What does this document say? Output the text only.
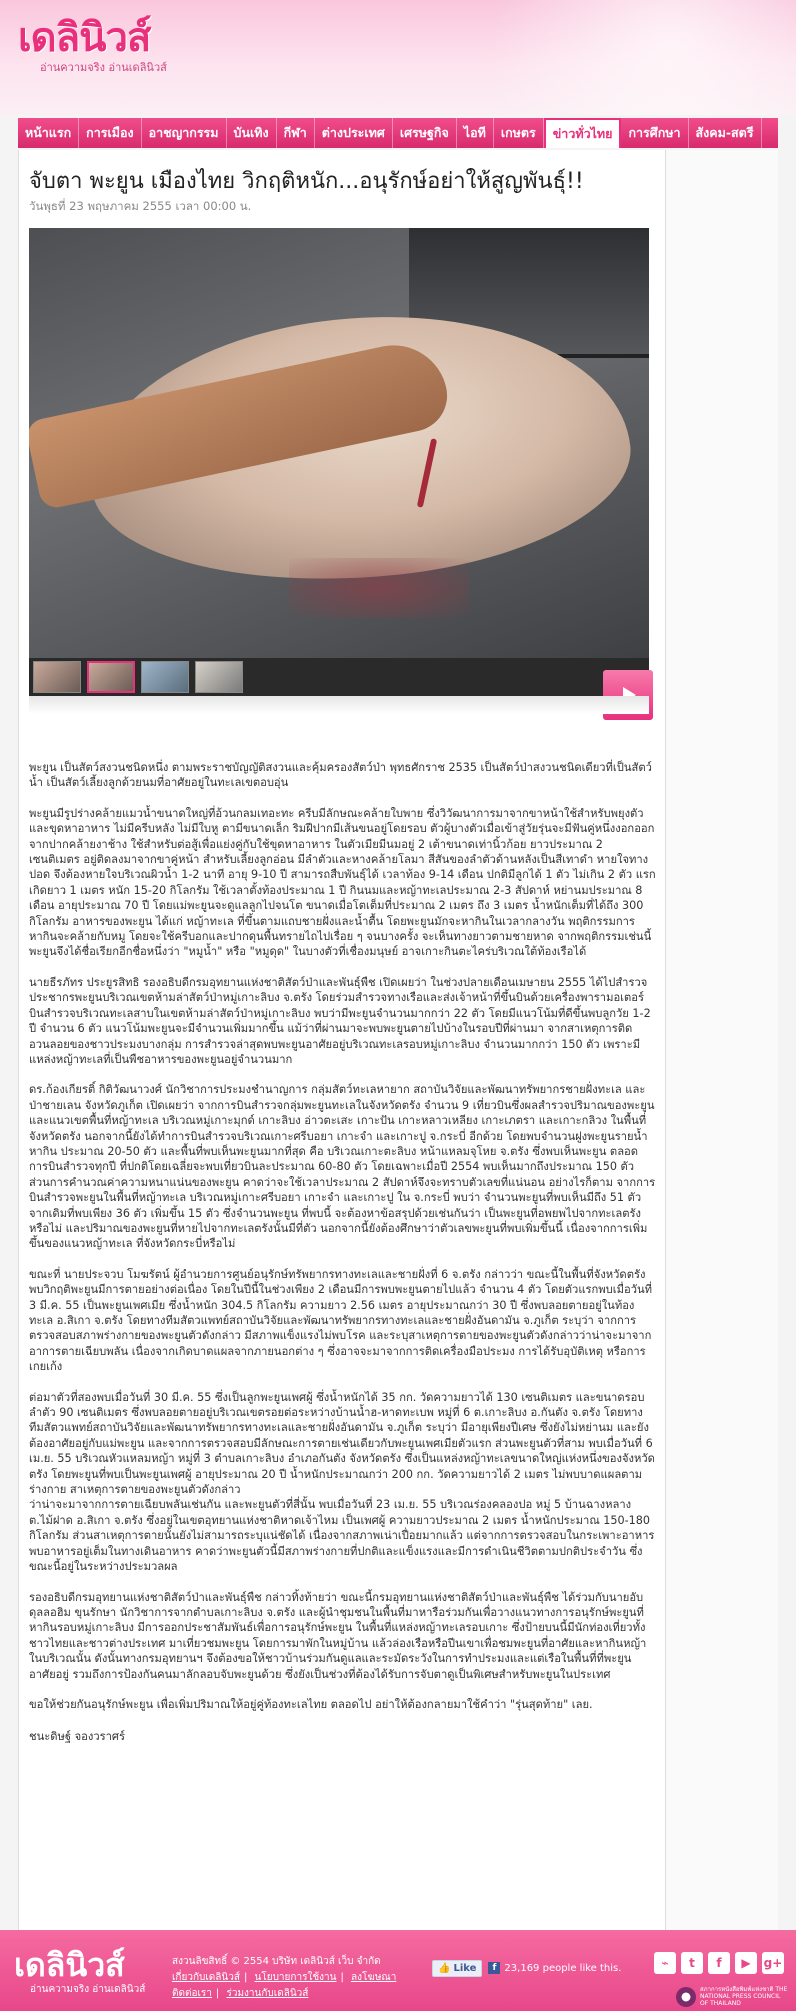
เดลินิวส์
อ่านความจริง อ่านเดลินิวส์
หน้าแรก	การเมือง	อาชญากรรม	บันเทิง	กีฬา	ต่างประเทศ	เศรษฐกิจ	ไอที	เกษตร	ข่าวทั่วไทย	การศึกษา	สังคม-สตรี
จับตา พะยูน เมืองไทย วิกฤติหนัก...อนุรักษ์อย่าให้สูญพันธุ์!!
วันพุธที่ 23 พฤษภาคม 2555 เวลา 00:00 น.

พะยูน เป็นสัตว์สงวนชนิดหนึ่ง ตามพระราชบัญญัติสงวนและคุ้มครองสัตว์ป่า พุทธศักราช 2535 เป็นสัตว์ป่าสงวนชนิดเดียวที่เป็นสัตว์น้ำ เป็นสัตว์เลี้ยงลูกด้วยนมที่อาศัยอยู่ในทะเลเขตอบอุ่น

พะยูนมีรูปร่างคล้ายแมวน้ำขนาดใหญ่ที่อ้วนกลมเทอะทะ ครีบมีลักษณะคล้ายใบพาย ซึ่งวิวัฒนาการมาจากขาหน้าใช้สำหรับพยุงตัวและขุดหาอาหาร ไม่มีครีบหลัง ไม่มีใบหู ตามีขนาดเล็ก ริมฝีปากมีเส้นขนอยู่โดยรอบ ตัวผู้บางตัวเมื่อเข้าสู่วัยรุ่นจะมีฟันคู่หนึ่งงอกออกจากปากคล้ายงาช้าง ใช้สำหรับต่อสู้เพื่อแย่งคู่กับใช้ขุดหาอาหาร ในตัวเมียมีนมอยู่ 2 เต้าขนาดเท่านิ้วก้อย ยาวประมาณ 2 เซนติเมตร อยู่ติดลงมาจากขาคู่หน้า สำหรับเลี้ยงลูกอ่อน มีลำตัวและหางคล้ายโลมา สีสันของลำตัวด้านหลังเป็นสีเทาดำ หายใจทางปอด จึงต้องหายใจบริเวณผิวน้ำ 1-2 นาที อายุ 9-10 ปี สามารถสืบพันธุ์ได้ เวลาท้อง 9-14 เดือน ปกติมีลูกได้ 1 ตัว ไม่เกิน 2 ตัว แรกเกิดยาว 1 เมตร หนัก 15-20 กิโลกรัม ใช้เวลาตั้งท้องประมาณ 1 ปี กินนมและหญ้าทะเลประมาณ 2-3 สัปดาห์ หย่านมประมาณ 8 เดือน อายุประมาณ 70 ปี โดยแม่พะยูนจะดูแลลูกไปจนโต ขนาดเมื่อโตเต็มที่ประมาณ 2 เมตร ถึง 3 เมตร น้ำหนักเต็มที่ได้ถึง 300 กิโลกรัม อาหารของพะยูน ได้แก่ หญ้าทะเล ที่ขึ้นตามแถบชายฝั่งและน้ำตื้น โดยพะยูนมักจะหากินในเวลากลางวัน พฤติกรรมการหากินจะคล้ายกับหมู โดยจะใช้ครีบอกและปากดุนพื้นทรายไถไปเรื่อย ๆ จนบางครั้ง จะเห็นทางยาวตามชายหาด จากพฤติกรรมเช่นนี้ พะยูนจึงได้ชื่อเรียกอีกชื่อหนึ่งว่า "หมูน้ำ" หรือ "หมูดุด" ในบางตัวที่เชื่องมนุษย์ อาจเกาะกินตะไคร่บริเวณใต้ท้องเรือได้

นายธีรภัทร ประยูรสิทธิ รองอธิบดีกรมอุทยานแห่งชาติสัตว์ป่าและพันธุ์พืช เปิดเผยว่า ในช่วงปลายเดือนเมษายน 2555 ได้ไปสำรวจประชากรพะยูนบริเวณเขตห้ามล่าสัตว์ป่าหมู่เกาะลิบง จ.ตรัง โดยร่วมสำรวจทางเรือและส่งเจ้าหน้าที่ขึ้นบินด้วยเครื่องพารามอเตอร์บินสำรวจบริเวณทะเลสาบในเขตห้ามล่าสัตว์ป่าหมู่เกาะลิบง พบว่ามีพะยูนจำนวนมากกว่า 22 ตัว โดยมีแนวโน้มที่ดีขึ้นพบลูกวัย 1-2 ปี จำนวน 6 ตัว แนวโน้มพะยูนจะมีจำนวนเพิ่มมากขึ้น แม้ว่าที่ผ่านมาจะพบพะยูนตายไปบ้างในรอบปีที่ผ่านมา จากสาเหตุการติดอวนลอยของชาวประมงบางกลุ่ม การสำรวจล่าสุดพบพะยูนอาศัยอยู่บริเวณทะเลรอบหมู่เกาะลิบง จำนวนมากกว่า 150 ตัว เพราะมีแหล่งหญ้าทะเลที่เป็นพืชอาหารของพะยูนอยู่จำนวนมาก

ดร.ก้องเกียรติ์ กิติวัฒนาวงศ์ นักวิชาการประมงชำนาญการ กลุ่มสัตว์ทะเลหายาก สถาบันวิจัยและพัฒนาทรัพยากรชายฝั่งทะเล และป่าชายเลน จังหวัดภูเก็ต เปิดเผยว่า จากการบินสำรวจกลุ่มพะยูนทะเลในจังหวัดตรัง จำนวน 9 เที่ยวบินซึ่งผลสำรวจปริมาณของพะยูน และแนวเขตพื้นที่หญ้าทะเล บริเวณหมู่เกาะมุกด์ เกาะลิบง อ่าวตะเสะ เกาะปัน เกาะหลาวเหลียง เกาะเภตรา และเกาะกลิวง ในพื้นที่จังหวัดตรัง นอกจากนี้ยังได้ทำการบินสำรวจบริเวณเกาะศรีบอยา เกาะจำ และเกาะปู จ.กระบี่ อีกด้วย โดยพบจำนวนฝูงพะยูนรายน้ำหากิน ประมาณ 20-50 ตัว และพื้นที่พบเห็นพะยูนมากที่สุด คือ บริเวณเกาะตะลิบง หน้าแหลมจุโหย จ.ตรัง ซึ่งพบเห็นพะยูน ตลอดการบินสำรวจทุกปี ที่ปกติโดยเฉลี่ยจะพบเที่ยวบินละประมาณ 60-80 ตัว โดยเฉพาะเมื่อปี 2554 พบเห็นมากถึงประมาณ 150 ตัว ส่วนการคำนวณค่าความหนาแน่นของพะยูน คาดว่าจะใช้เวลาประมาณ 2 สัปดาห์จึงจะทราบตัวเลขที่แน่นอน อย่างไรก็ตาม จากการบินสำรวจพะยูนในพื้นที่หญ้าทะเล บริเวณหมู่เกาะศรีบอยา เกาะจำ และเกาะปู ใน จ.กระบี่ พบว่า จำนวนพะยูนที่พบเห็นมีถึง 51 ตัว จากเดิมที่พบเพียง 36 ตัว เพิ่มขึ้น 15 ตัว ซึ่งจำนวนพะยูน ที่พบนี้ จะต้องหาข้อสรุปด้วยเช่นกันว่า เป็นพะยูนที่อพยพไปจากทะเลตรังหรือไม่ และปริมาณของพะยูนที่หายไปจากทะเลตรังนั้นมีที่ตัว นอกจากนี้ยังต้องศึกษาว่าตัวเลขพะยูนที่พบเพิ่มขึ้นนี้ เนื่องจากการเพิ่มขึ้นของแนวหญ้าทะเล ที่จังหวัดกระบี่หรือไม่

ขณะที่ นายประจวบ โมฆรัตน์ ผู้อำนวยการศูนย์อนุรักษ์ทรัพยากรทางทะเลและชายฝั่งที่ 6 จ.ตรัง กล่าวว่า ขณะนี้ในพื้นที่จังหวัดตรังพบวิกฤติพะยูนมีการตายอย่างต่อเนื่อง โดยในปีนี้ในช่วงเพียง 2 เดือนมีการพบพะยูนตายไปแล้ว จำนวน 4 ตัว โดยตัวแรกพบเมื่อวันที่ 3 มี.ค. 55 เป็นพะยูนเพศเมีย ซึ่งน้ำหนัก 304.5 กิโลกรัม ความยาว 2.56 เมตร อายุประมาณกว่า 30 ปี ซึ่งพบลอยตายอยู่ในท้องทะเล อ.สิเกา จ.ตรัง โดยทางทีมสัตวแพทย์สถาบันวิจัยและพัฒนาทรัพยากรทางทะเลและชายฝั่งอันดามัน จ.ภูเก็ต ระบุว่า จากการตรวจสอบสภาพร่างกายของพะยูนตัวดังกล่าว มีสภาพแข็งแรงไม่พบโรค และระบุสาเหตุการตายของพะยูนตัวดังกล่าวว่าน่าจะมาจากอาการตายเฉียบพลัน เนื่องจากเกิดบาดแผลจากภายนอกต่าง ๆ ซึ่งอาจจะมาจากการติดเครื่องมือประมง การได้รับอุบัติเหตุ หรือการเกยเก้ง

ต่อมาตัวที่สองพบเมื่อวันที่ 30 มี.ค. 55 ซึ่งเป็นลูกพะยูนเพศผู้ ซึ่งน้ำหนักได้ 35 กก. วัดความยาวได้ 130 เซนติเมตร และขนาดรอบลำตัว 90 เซนติเมตร ซึ่งพบลอยตายอยู่บริเวณเขตรอยต่อระหว่างบ้านน้ำฮ-หาดทะเบพ หมู่ที่ 6 ต.เกาะลิบง อ.กันตัง จ.ตรัง โดยทางทีมสัตวแพทย์สถาบันวิจัยและพัฒนาทรัพยากรทางทะเลและชายฝั่งอันดามัน จ.ภูเก็ต ระบุว่า มีอายุเพียงปีเศษ ซึ่งยังไม่หย่านม และยังต้องอาศัยอยู่กับแม่พะยูน และจากการตรวจสอบมีลักษณะการตายเช่นเดียวกับพะยูนเพศเมียตัวแรก ส่วนพะยูนตัวที่สาม พบเมื่อวันที่ 6 เม.ย. 55 บริเวณหัวแหลมหญ้า หมู่ที่ 3 ตำบลเกาะลิบง อำเภอกันตัง จังหวัดตรัง ซึ่งเป็นแหล่งหญ้าทะเลขนาดใหญ่แห่งหนึ่งของจังหวัดตรัง โดยพะยูนที่พบเป็นพะยูนเพศผู้ อายุประมาณ 20 ปี น้ำหนักประมาณกว่า 200 กก. วัดความยาวได้ 2 เมตร ไม่พบบาดแผลตามร่างกาย สาเหตุการตายของพะยูนตัวดังกล่าว
ว่าน่าจะมาจากการตายเฉียบพลันเช่นกัน และพะยูนตัวที่สี่นั้น พบเมื่อวันที่ 23 เม.ย. 55 บริเวณร่องคลองปอ หมู่ 5 บ้านฉางหลาง ต.ไม้ฝาด อ.สิเกา จ.ตรัง ซึ่งอยู่ในเขตอุทยานแห่งชาติหาดเจ้าไหม เป็นเพศผู้ ความยาวประมาณ 2 เมตร น้ำหนักประมาณ 150-180 กิโลกรัม ส่วนสาเหตุการตายนั้นยังไม่สามารถระบุแน่ชัดได้ เนื่องจากสภาพเน่าเปื่อยมากแล้ว แต่จากการตรวจสอบในกระเพาะอาหารพบอาหารอยู่เต็มในทางเดินอาหาร คาดว่าพะยูนตัวนี้มีสภาพร่างกายที่ปกติและแข็งแรงและมีการดำเนินชีวิตตามปกติประจำวัน ซึ่งขณะนี้อยู่ในระหว่างประมวลผล

รองอธิบดีกรมอุทยานแห่งชาติสัตว์ป่าและพันธุ์พืช กล่าวทิ้งท้ายว่า ขณะนี้กรมอุทยานแห่งชาติสัตว์ป่าและพันธุ์พืช ได้ร่วมกับนายอับดุลลอฮิม ขุนรักษา นักวิชาการจากตำบลเกาะลิบง จ.ตรัง และผู้นำชุมชนในพื้นที่มาหารือร่วมกันเพื่อวางแนวทางการอนุรักษ์พะยูนที่หากินรอบหมู่เกาะลิบง มีการออกประชาสัมพันธ์เพื่อการอนุรักษ์พะยูน ในพื้นที่แหล่งหญ้าทะเลรอบเกาะ ซึ่งป้ายบนนี้มีนักท่องเที่ยวทั้งชาวไทยและชาวต่างประเทศ มาเที่ยวชมพะยูน โดยการมาพักในหมู่บ้าน แล้วล่องเรือหรือปีนเขาเพื่อชมพะยูนที่อาศัยและหากินหญ้าในบริเวณนั้น ดังนั้นทางกรมอุทยานฯ จึงต้องขอให้ชาวบ้านร่วมกันดูแลและระมัดระวังในการทำประมงและแต่เรือในพื้นที่ที่พะยูนอาศัยอยู่ รวมถึงการป้องกันคนมาลักลอบจับพะยูนด้วย ซึ่งยังเป็นช่วงที่ต้องได้รับการจับตาดูเป็นพิเศษสำหรับพะยูนในประเทศ

ขอให้ช่วยกันอนุรักษ์พะยูน เพื่อเพิ่มปริมาณให้อยู่คู่ท้องทะเลไทย ตลอดไป อย่าให้ต้องกลายมาใช้คำว่า "รุ่นสุดท้าย" เลย.

ชนะดิษฐ์ จองวราศร์

เดลินิวส์
อ่านความจริง อ่านเดลินิวส์
สงวนลิขสิทธิ์ © 2554 บริษัท เดลินิวส์ เว็บ จำกัด
เกี่ยวกับเดลินิวส์ | นโยบายการใช้งาน | ลงโฆษณา
ติดต่อเรา | ร่วมงานกับเดลินิวส์
👍 Like	f 23,169 people like this.	⌁	t	f	▶	g+
สภาการหนังสือพิมพ์แห่งชาติ THE NATIONAL PRESS COUNCIL OF THAILAND
